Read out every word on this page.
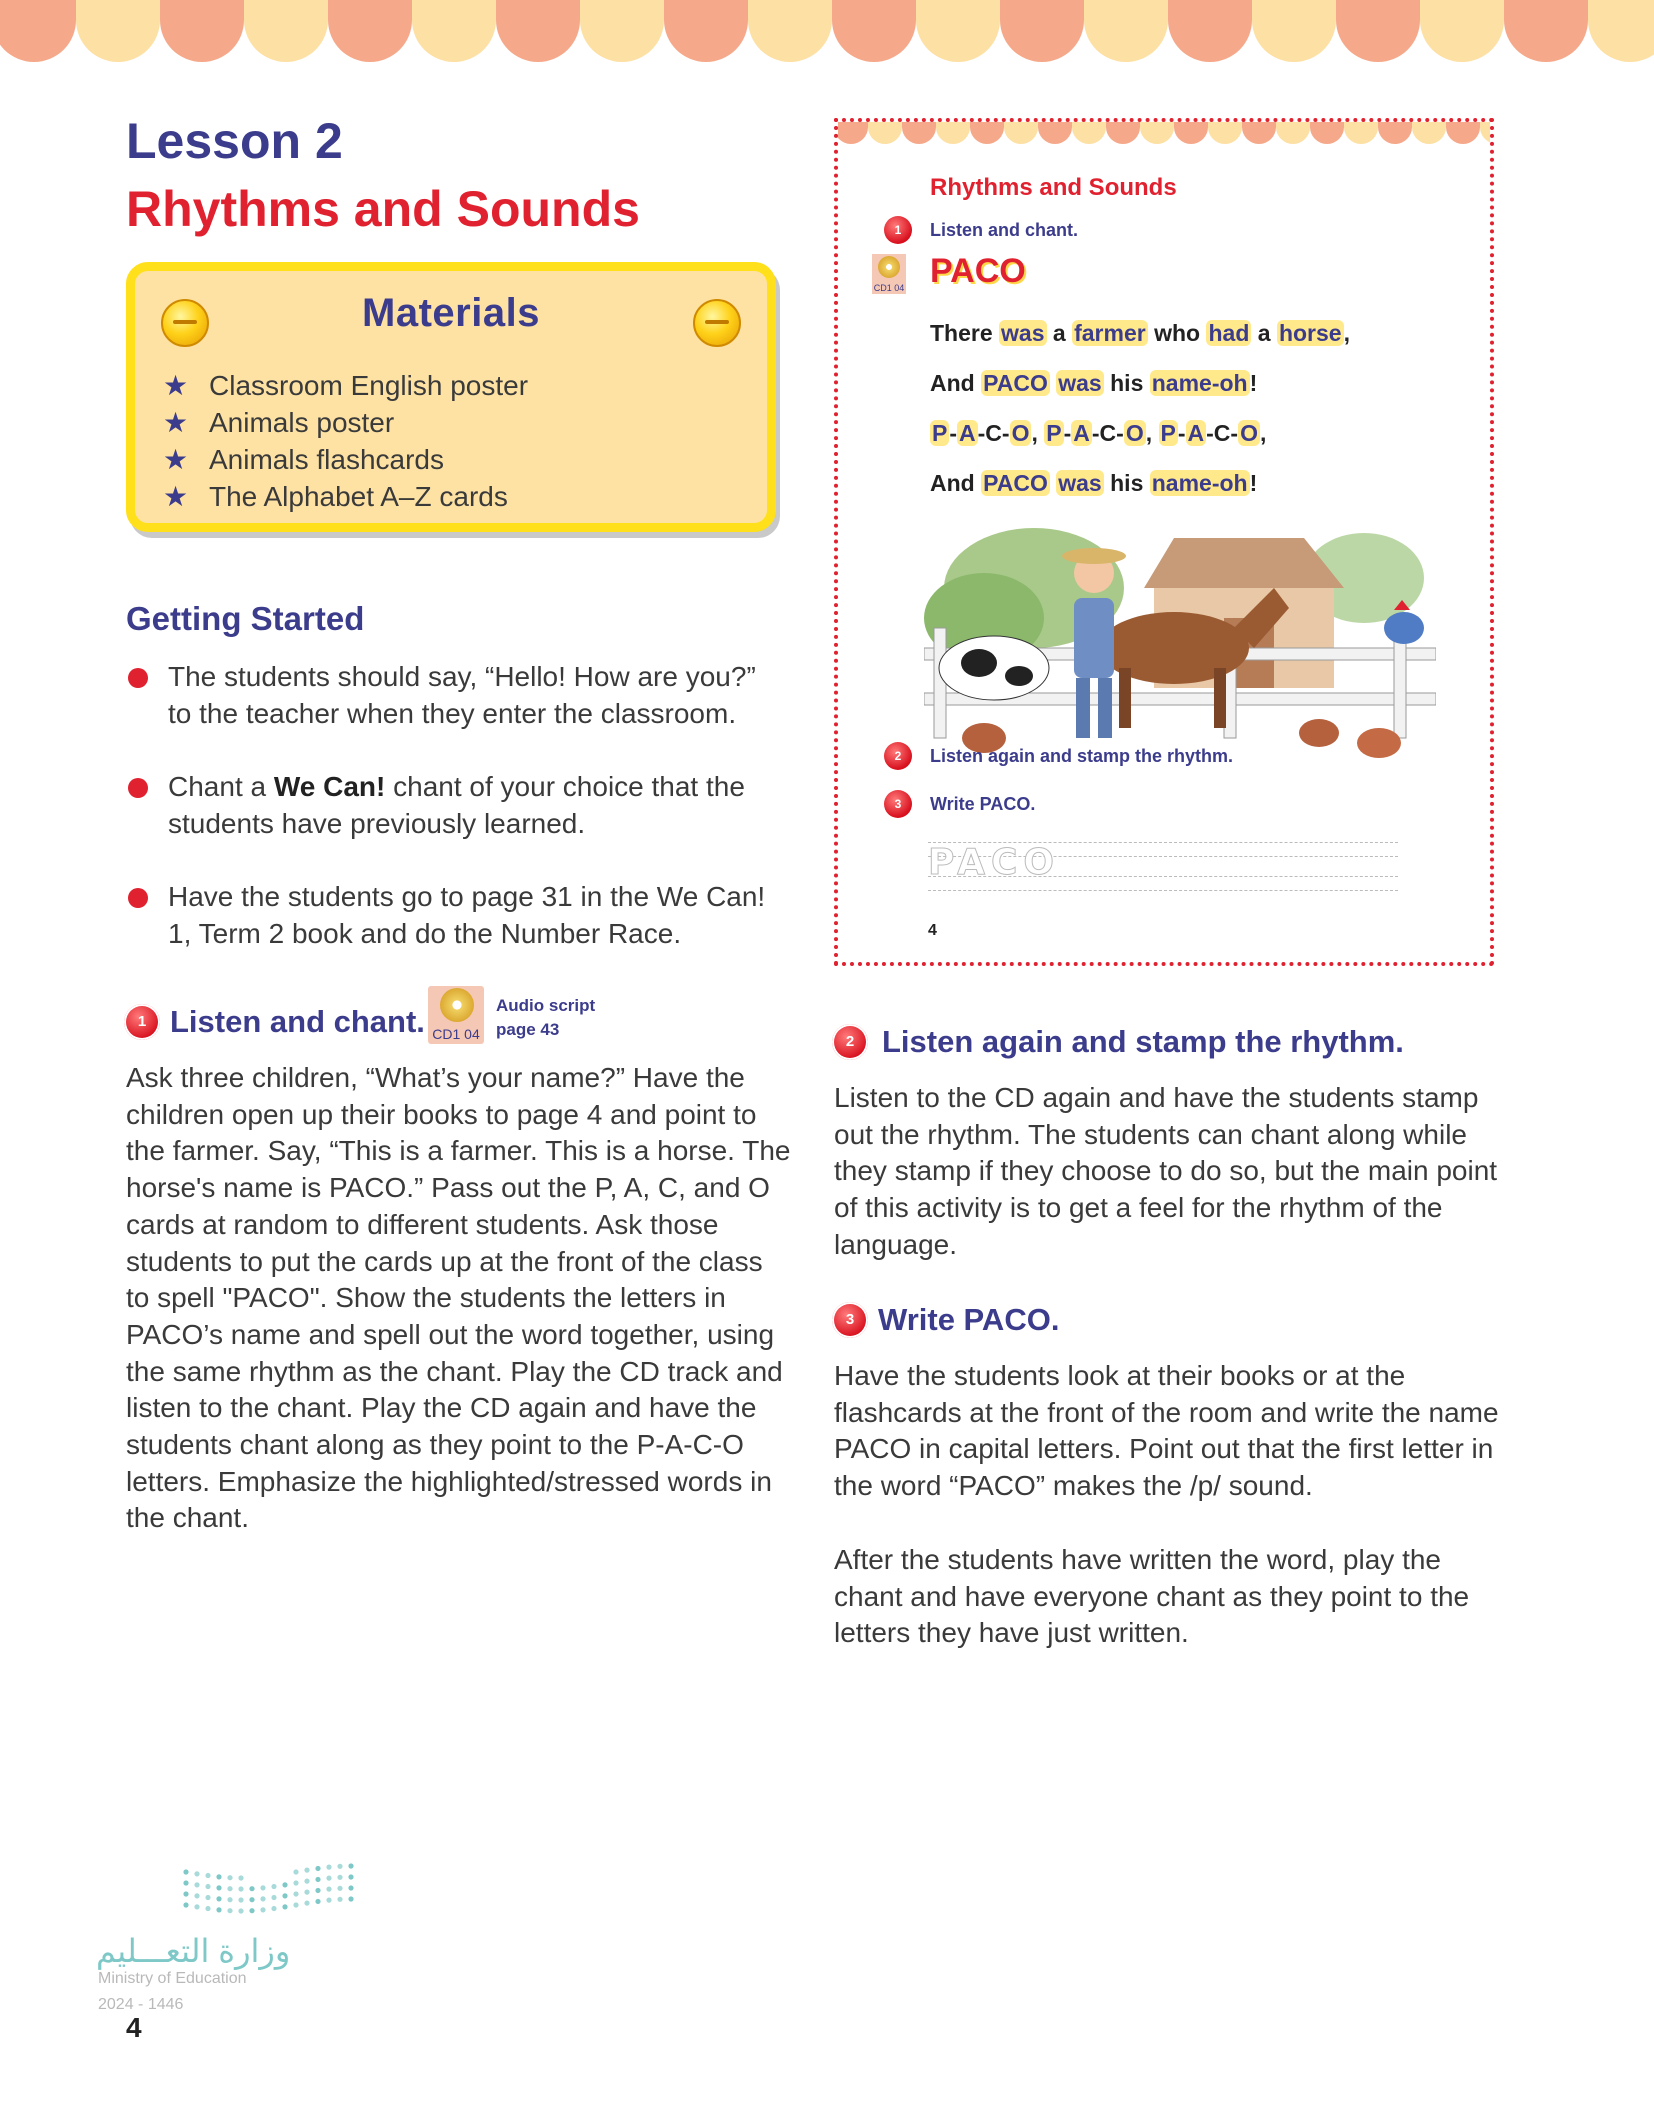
Lesson 2
Rhythms and Sounds
Materials
★ Classroom English poster
★ Animals poster
★ Animals flashcards
★ The Alphabet A–Z cards
Getting Started
The students should say, “Hello! How are you?” to the teacher when they enter the classroom.
Chant a We Can! chant of your choice that the students have previously learned.
Have the students go to page 31 in the We Can! 1, Term 2 book and do the Number Race.
1 Listen and chant. CD1 04
Audio script
page 43

Ask three children, “What’s your name?” Have the children open up their books to page 4 and point to the farmer. Say, “This is a farmer. This is a horse. The horse's name is PACO.” Pass out the P, A, C, and O cards at random to different students. Ask those students to put the cards up at the front of the class to spell "PACO". Show the students the letters in PACO’s name and spell out the word together, using the same rhythm as the chant. Play the CD track and listen to the chant. Play the CD again and have the students chant along as they point to the P-A-C-O letters. Emphasize the highlighted/stressed words in the chant.

Rhythms and Sounds
1	Listen and chant.
CD1 04 PACO
There was a farmer who had a horse,
And PACO was his name-oh!
P-A-C-O, P-A-C-O, P-A-C-O,
And PACO was his name-oh!
2	Listen again and stamp the rhythm.
3	Write PACO.
PACO
4
2 Listen again and stamp the rhythm.

Listen to the CD again and have the students stamp out the rhythm. The students can chant along while they stamp if they choose to do so, but the main point of this activity is to get a feel for the rhythm of the language.

3 Write PACO.

Have the students look at their books or at the flashcards at the front of the room and write the name PACO in capital letters. Point out that the first letter in the word “PACO” makes the /p/ sound.

After the students have written the word, play the chant and have everyone chant as they point to the letters they have just written.

وزارة التعـــليم
Ministry of Education
2024 - 1446
4
